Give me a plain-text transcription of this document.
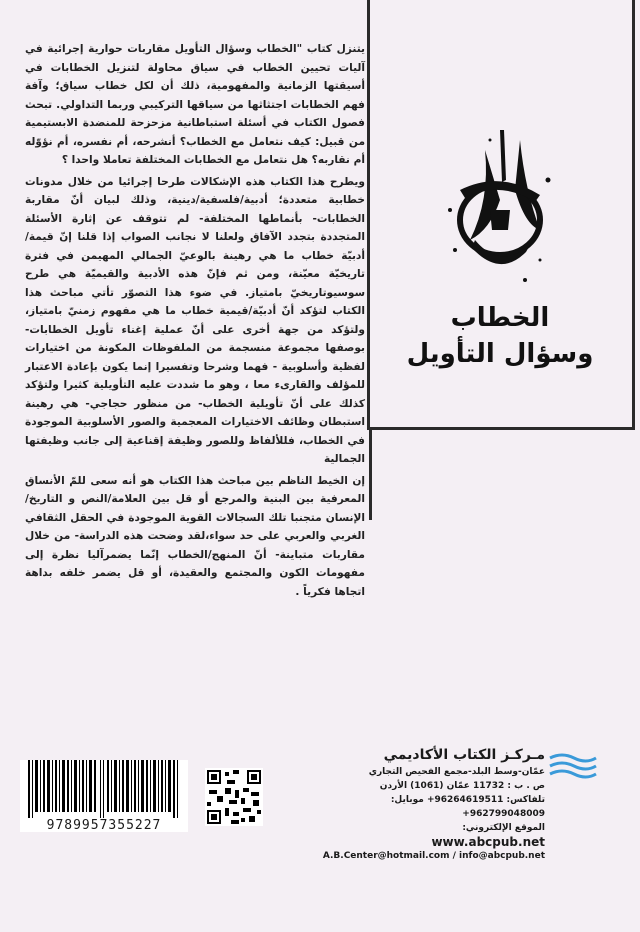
الخطاب
وسؤال التأويل

يتنزل كتاب "الخطاب وسؤال التأويل مقاربات حوارية إجرائية في آليات تحيين الخطاب في سياق محاولة لتنزيل الخطابات في أسيقتها الزمانية والمفهومية، ذلك أن لكل خطاب سياق؛ وآفة فهم الخطابات اجتثاثها من سياقها التركيبي وربما التداولي. تبحث فصول الكتاب في أسئلة استباطانية مزحزحة للمنضدة الابستيمية من قبيل: كيف نتعامل مع الخطاب؟ أنشرحه، أم نفسره، أم نؤوّله أم نقاربه؟ هل نتعامل مع الخطابات المختلفة تعاملا واحدا ؟

ويطرح هذا الكتاب هذه الإشكالات طرحا إجرائيا من خلال مدونات خطابية متعددة؛ أدبية/فلسفية/دينية، وذلك لبيان أنّ مقاربة الخطابات- بأنماطها المختلفة- لم تتوقف عن إثارة الأسئلة المتجددة بتجدد الآفاق ولعلنا لا نجانب الصواب إذا قلنا إنّ قيمة/أدبيّة خطاب ما هي رهينة بالوعيّ الجمالي المهيمن في فترة تاريخيّة معيّنة، ومن ثم فإنّ هذه الأدبية والقيميّة هي طرح سوسيوتاريخيّ بامتياز. في ضوء هذا التصوّر تأتي مباحث هذا الكتاب لتؤكد أنّ أدبيّة/قيمية خطاب ما هي مفهوم زمنيّ بامتياز، ولتؤكد من جهة أخرى على أنّ عملية إغناء تأويل الخطابات- بوصفها مجموعة منسجمة من الملفوظات المكونة من اختيارات لفظية وأسلوبية - فهما وشرحا وتفسيرا إنما يكون بإعادة الاعتبار للمؤلف والقارىء معا ، وهو ما شددت عليه التأويلية كثيرا ولتؤكد كذلك على أنّ تأويلية الخطاب- من منظور حجاجي- هي رهينة استبطان وظائف الاختيارات المعجمية والصور الأسلوبية الموجودة في الخطاب، فللألفاظ وللصور وظيفة إقناعية إلى جانب وظيفتها الجمالية

إن الخيط الناظم بين مباحث هذا الكتاب هو أنه سعى للمّ الأنساق المعرفية بين البنية والمرجع أو قل بين العلامة/النص و التاريخ/ الإنسان متجنبا تلك السجالات القوية الموجودة في الحقل الثقافي الغربي والعربي على حد سواء،لقد وضحت هذه الدراسة- من خلال مقاربات متباينة- أنّ المنهج/الخطاب إنّما يضمرآليا نظرة إلى مفهومات الكون والمجتمع والعقيدة، أو قل يضمر خلفه بداهة اتجاها فكرياً .

مـركـز الكتاب الأكاديمي
عمّان-وسط البلد-مجمع الفحيص التجاري
ص . ب : 11732 عمّان (1061) الأردن
تلفاكس: 96264619511+ موبايل: 962799048009+
الموقع الإلكتروني:
www.abcpub.net
A.B.Center@hotmail.com / info@abcpub.net
9789957355227
